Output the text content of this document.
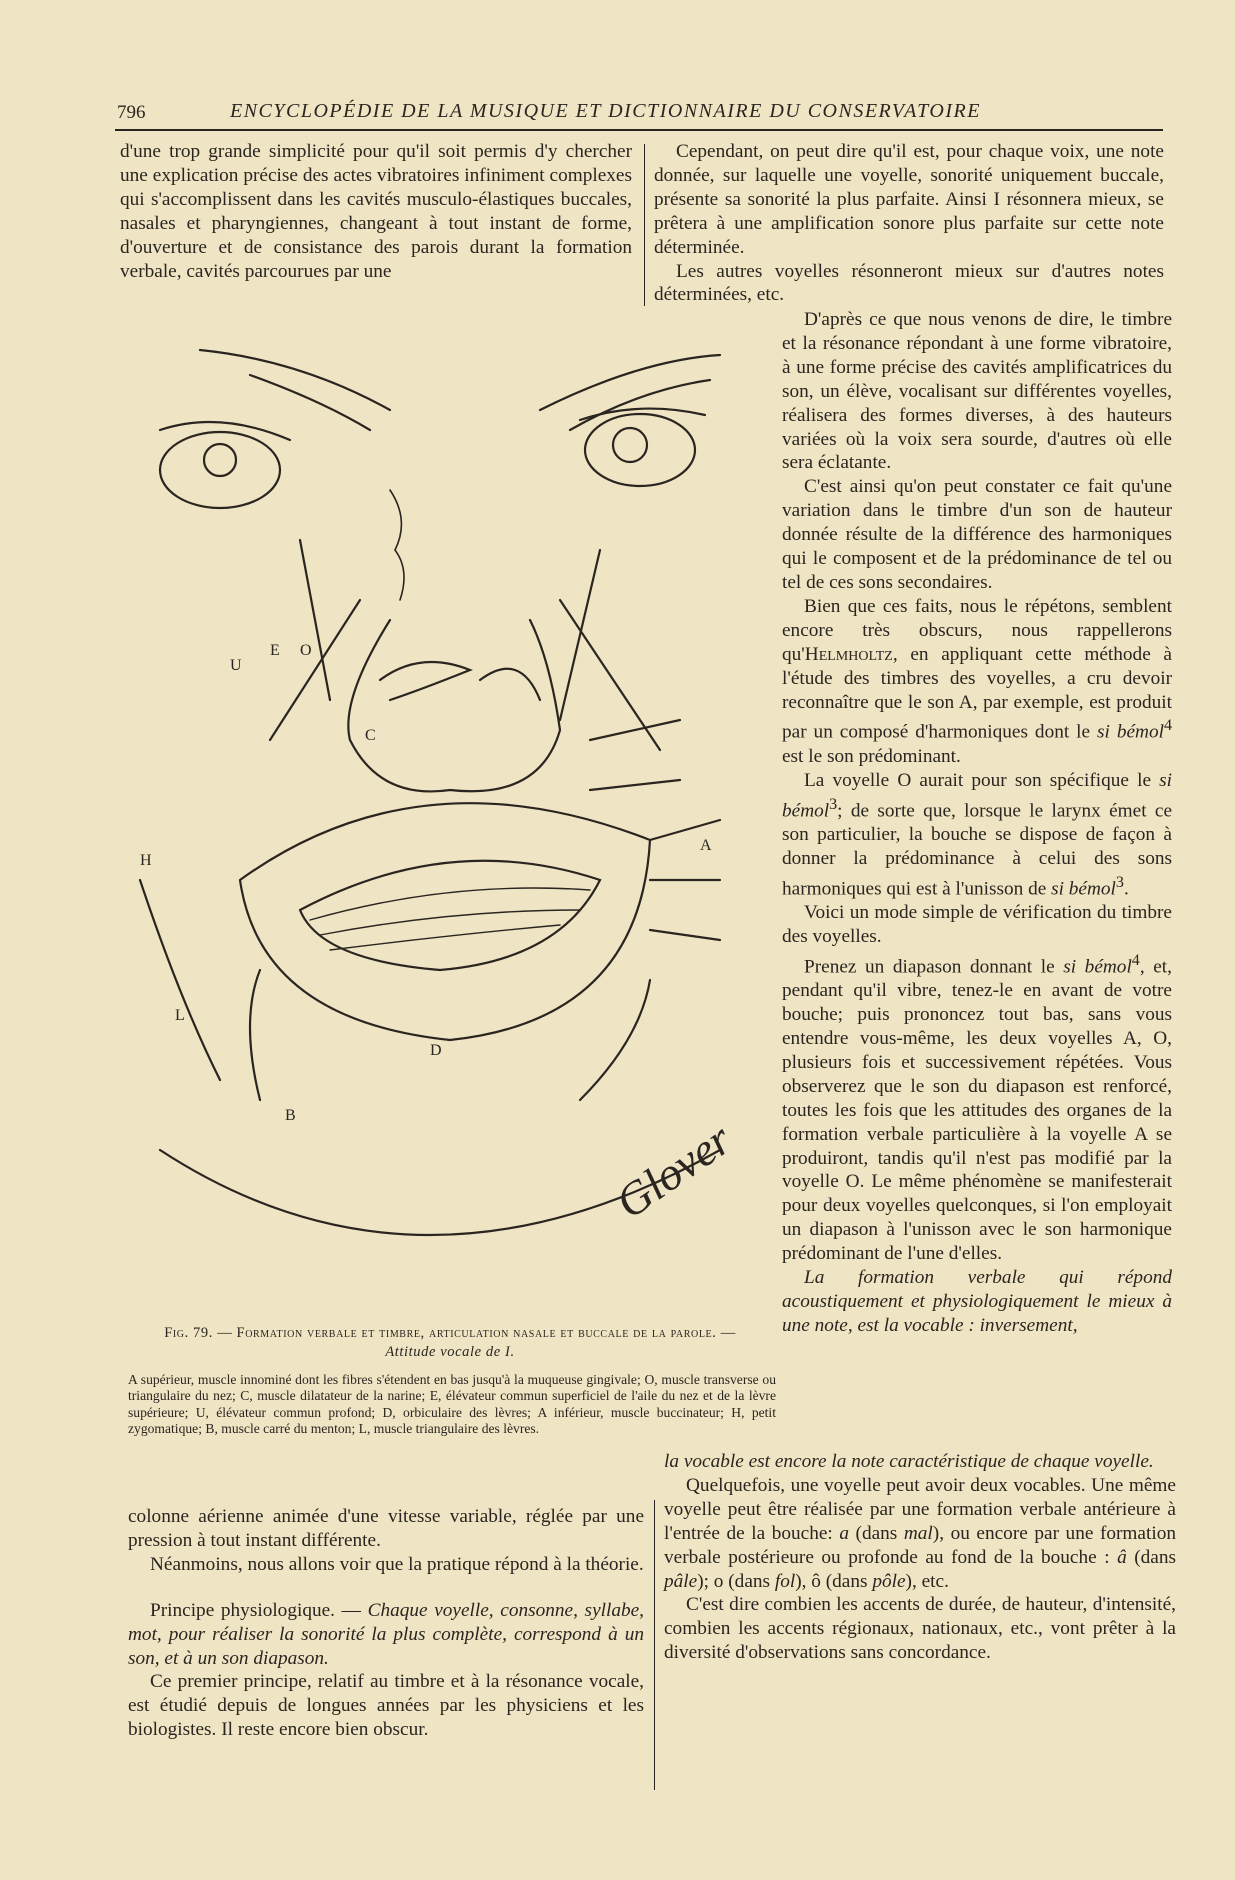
796	ENCYCLOPÉDIE DE LA MUSIQUE ET DICTIONNAIRE DU CONSERVATOIRE

d'une trop grande simplicité pour qu'il soit permis d'y chercher une explication précise des actes vibratoires infiniment complexes qui s'accomplissent dans les cavités musculo-élastiques buccales, nasales et pharyngiennes, changeant à tout instant de forme, d'ouverture et de consistance des parois durant la formation verbale, cavités parcourues par une

Cependant, on peut dire qu'il est, pour chaque voix, une note donnée, sur laquelle une voyelle, sonorité uniquement buccale, présente sa sonorité la plus parfaite. Ainsi I résonnera mieux, se prêtera à une amplification sonore plus parfaite sur cette note déterminée.

Les autres voyelles résonneront mieux sur d'autres notes déterminées, etc.

D'après ce que nous venons de dire, le timbre et la résonance répondant à une forme vibratoire, à une forme précise des cavités amplificatrices du son, un élève, vocalisant sur différentes voyelles, réalisera des formes diverses, à des hauteurs variées où la voix sera sourde, d'autres où elle sera éclatante.

C'est ainsi qu'on peut constater ce fait qu'une variation dans le timbre d'un son de hauteur donnée résulte de la différence des harmoniques qui le composent et de la prédominance de tel ou tel de ces sons secondaires.

Bien que ces faits, nous le répétons, semblent encore très obscurs, nous rappellerons qu'Helmholtz, en appliquant cette méthode à l'étude des timbres des voyelles, a cru devoir reconnaître que le son A, par exemple, est produit par un composé d'harmoniques dont le si bémol$^4$ est le son prédominant.

La voyelle O aurait pour son spécifique le si bémol$^3$; de sorte que, lorsque le larynx émet ce son particulier, la bouche se dispose de façon à donner la prédominance à celui des sons harmoniques qui est à l'unisson de si bémol$^3$.

Voici un mode simple de vérification du timbre des voyelles.

Prenez un diapason donnant le si bémol$^4$, et, pendant qu'il vibre, tenez-le en avant de votre bouche; puis prononcez tout bas, sans vous entendre vous-même, les deux voyelles A, O, plusieurs fois et successivement répétées. Vous observerez que le son du diapason est renforcé, toutes les fois que les attitudes des organes de la formation verbale particulière à la voyelle A se produiront, tandis qu'il n'est pas modifié par la voyelle O. Le même phénomène se manifesterait pour deux voyelles quelconques, si l'on employait un diapason à l'unisson avec le son harmonique prédominant de l'une d'elles.

La formation verbale qui répond acoustiquement et physiologiquement le mieux à une note, est la vocable : inversement,

U
E O
C
A
H
L
D
B	Glover
Fig. 79. — Formation verbale et timbre, articulation nasale et buccale de la parole. — Attitude vocale de I.
A supérieur, muscle innominé dont les fibres s'étendent en bas jusqu'à la muqueuse gingivale; O, muscle transverse ou triangulaire du nez; C, muscle dilatateur de la narine; E, élévateur commun superficiel de l'aile du nez et de la lèvre supérieure; U, élévateur commun profond; D, orbiculaire des lèvres; A inférieur, muscle buccinateur; H, petit zygomatique; B, muscle carré du menton; L, muscle triangulaire des lèvres.

la vocable est encore la note caractéristique de chaque voyelle.

Quelquefois, une voyelle peut avoir deux vocables. Une même voyelle peut être réalisée par une formation verbale antérieure à l'entrée de la bouche: a (dans mal), ou encore par une formation verbale postérieure ou profonde au fond de la bouche : â (dans pâle); o (dans fol), ô (dans pôle), etc.

C'est dire combien les accents de durée, de hauteur, d'intensité, combien les accents régionaux, nationaux, etc., vont prêter à la diversité d'observations sans concordance.

colonne aérienne animée d'une vitesse variable, réglée par une pression à tout instant différente.

Néanmoins, nous allons voir que la pratique répond à la théorie.

Principe physiologique. — Chaque voyelle, consonne, syllabe, mot, pour réaliser la sonorité la plus complète, correspond à un son, et à un son diapason.

Ce premier principe, relatif au timbre et à la résonance vocale, est étudié depuis de longues années par les physiciens et les biologistes. Il reste encore bien obscur.
